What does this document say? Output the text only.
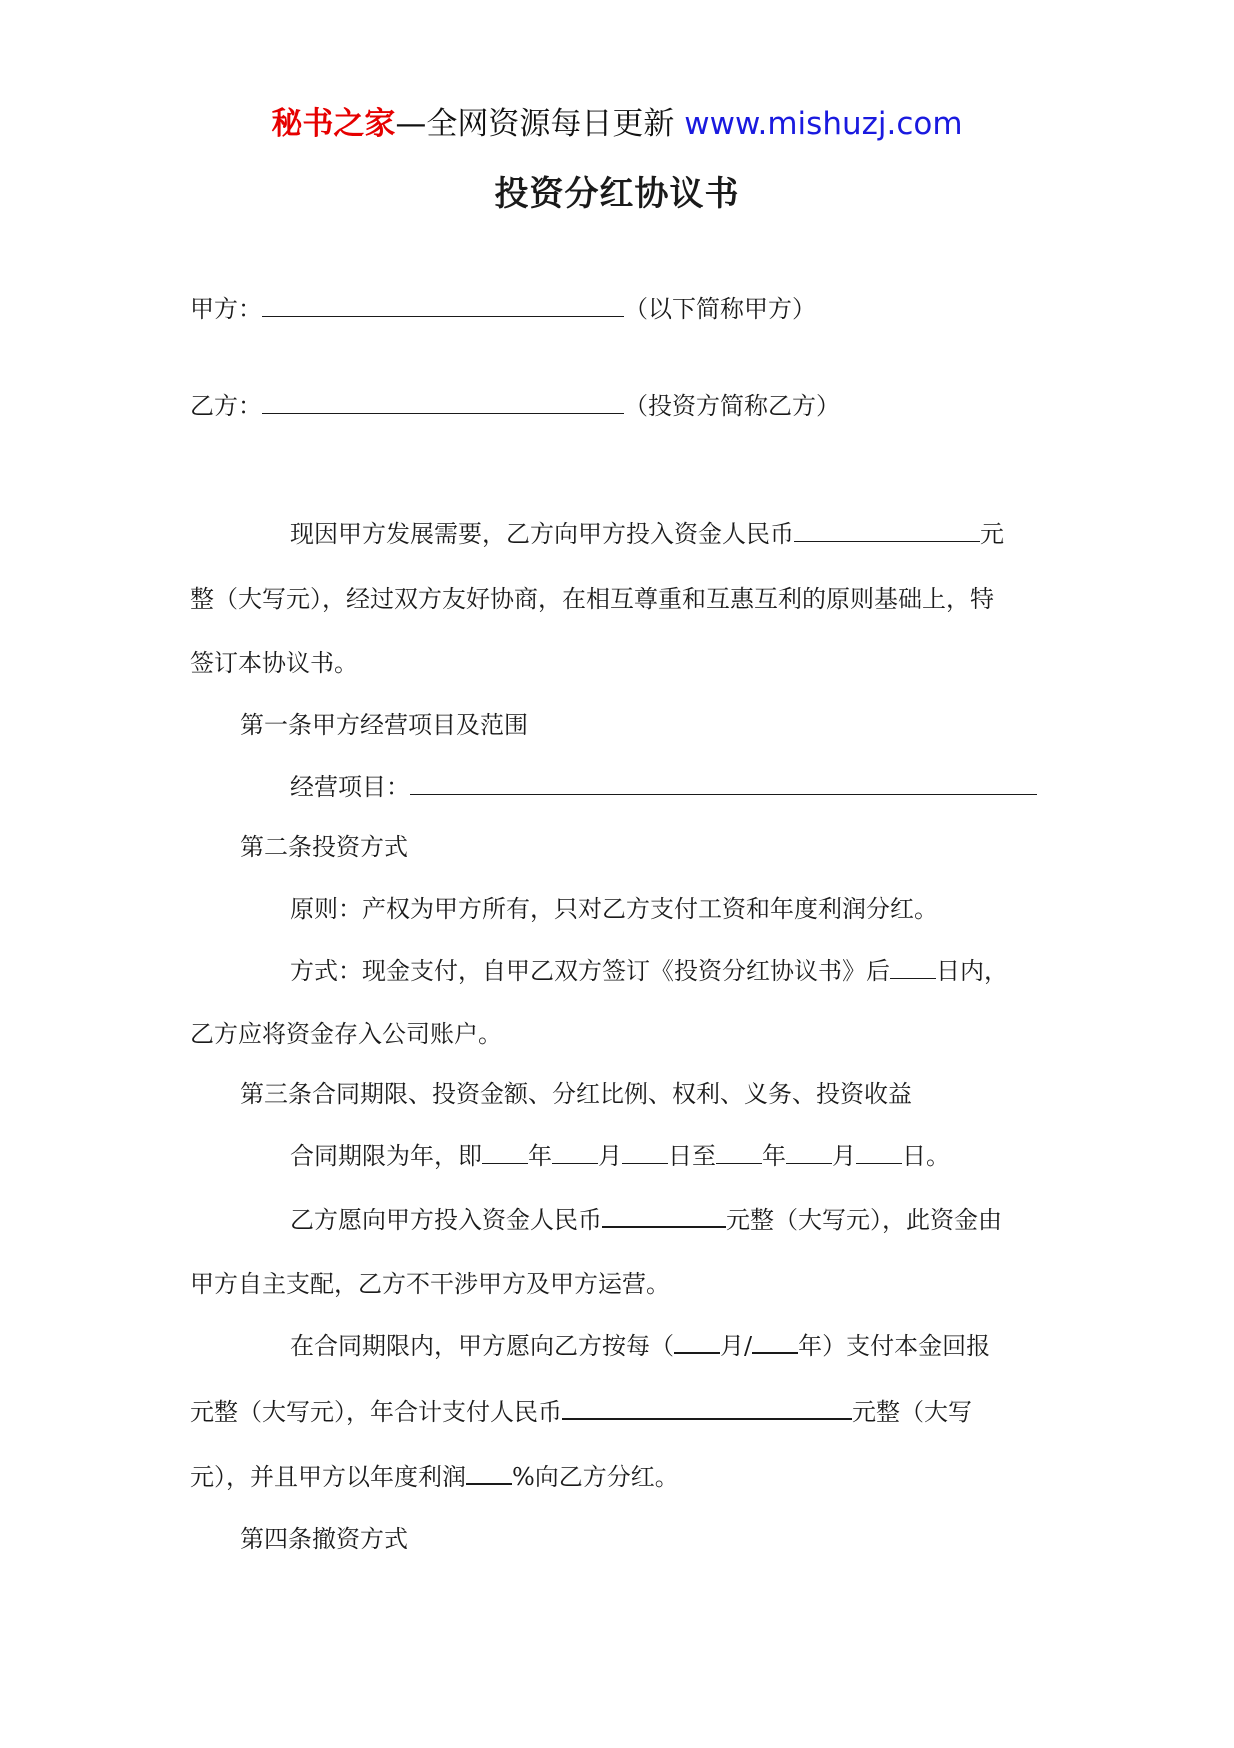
秘书之家—全网资源每日更新 www.mishuzj.com
投资分红协议书
甲方：	（以下简称甲方）
乙方：	（投资方简称乙方）
现因甲方发展需要，乙方向甲方投入资金人民币	元
整（大写元），经过双方友好协商，在相互尊重和互惠互利的原则基础上，特
签订本协议书。
第一条甲方经营项目及范围
经营项目：
第二条投资方式
原则：产权为甲方所有，只对乙方支付工资和年度利润分红。
方式：现金支付，自甲乙双方签订《投资分红协议书》后 日内，
乙方应将资金存入公司账户。
第三条合同期限、投资金额、分红比例、权利、义务、投资收益
合同期限为年，即 年 月 日至 年 月 日。
乙方愿向甲方投入资金人民币	元整（大写元），此资金由
甲方自主支配，乙方不干涉甲方及甲方运营。
在合同期限内，甲方愿向乙方按每（ 月/ 年）支付本金回报
元整（大写元），年合计支付人民币	元整（大写
元），并且甲方以年度利润 %向乙方分红。
第四条撤资方式
